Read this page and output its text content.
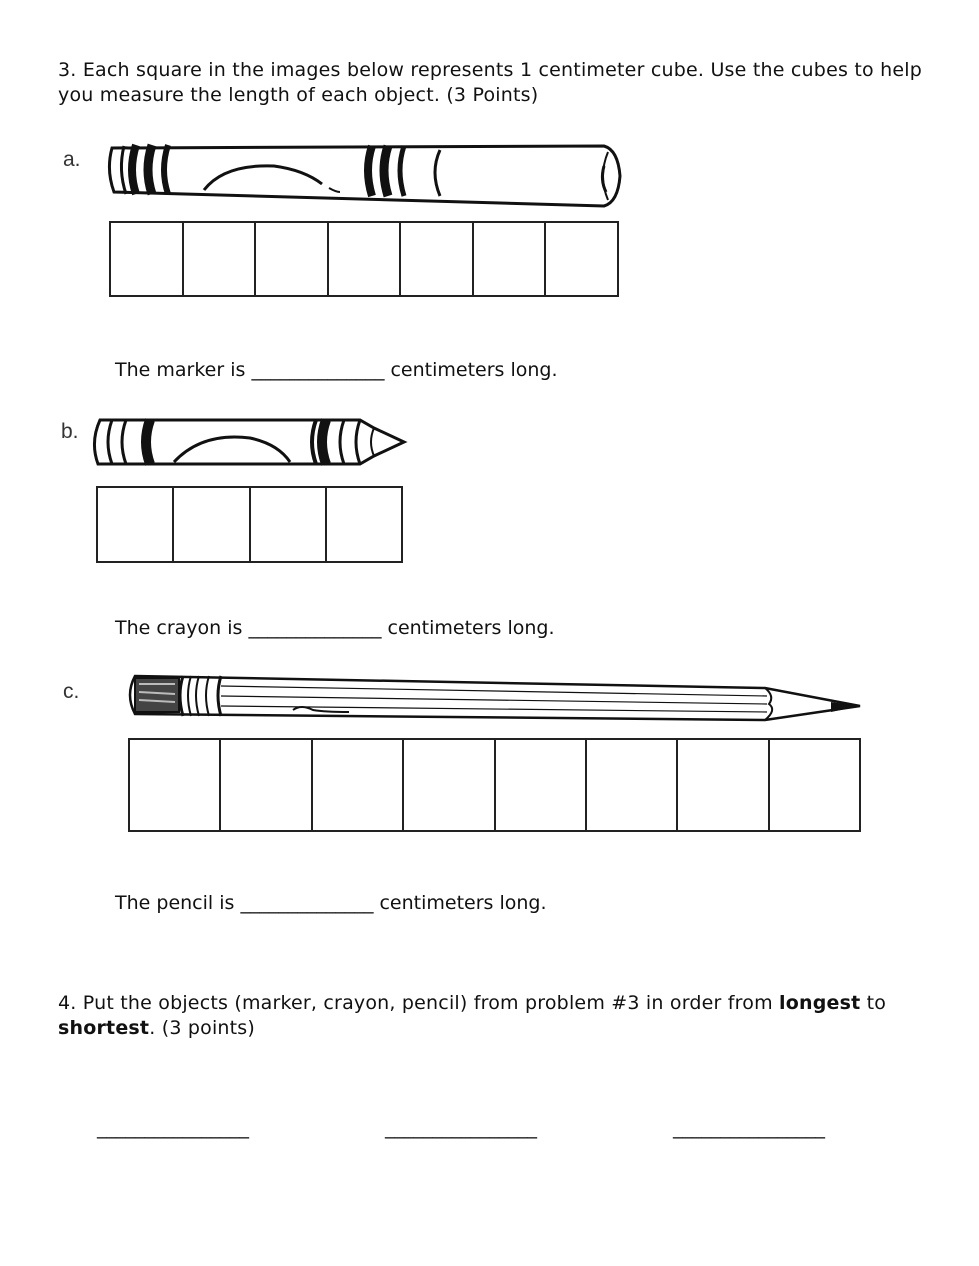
3. Each square in the images below represents 1 centimeter cube. Use the cubes to help you measure the length of each object. (3 Points)
a.
The marker is ______________ centimeters long.
b.
The crayon is ______________ centimeters long.
c.
The pencil is ______________ centimeters long.
4. Put the objects (marker, crayon, pencil) from problem #3 in order from longest to
shortest. (3 points)
________________	________________	________________
